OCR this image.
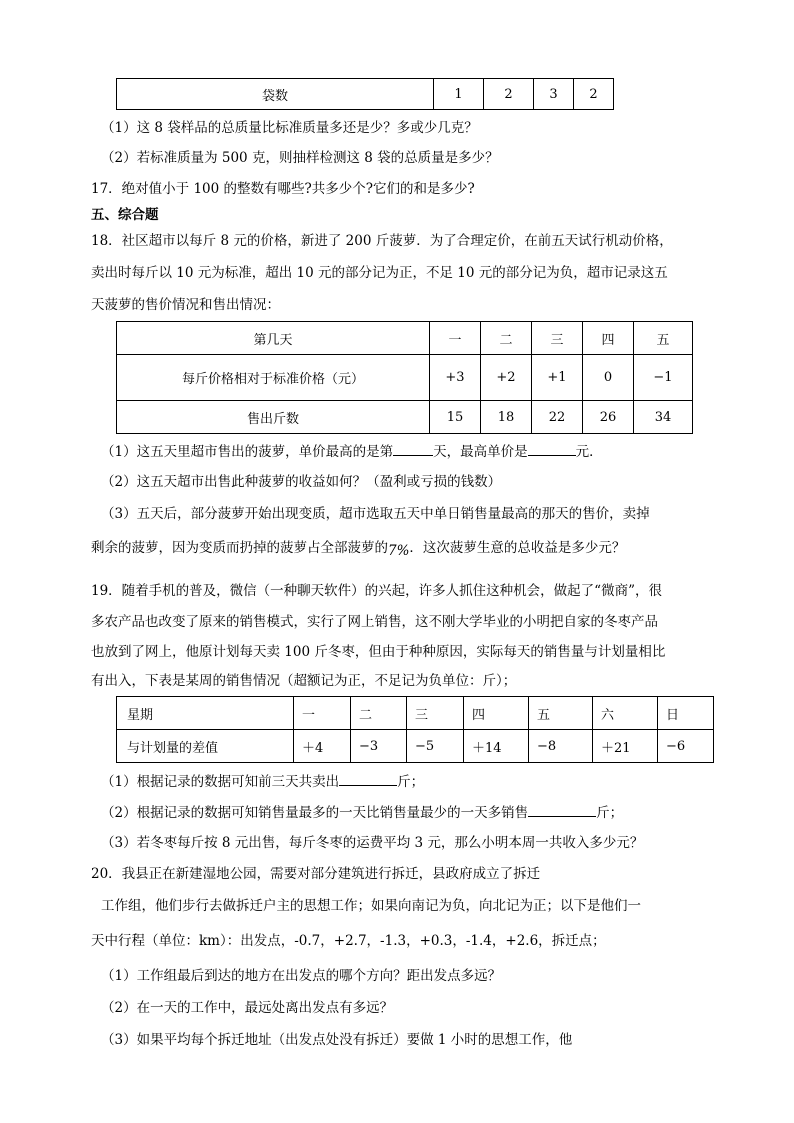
袋数	1	2	3	2
（1）这 8 袋样品的总质量比标准质量多还是少？多或少几克？
（2）若标准质量为 500 克，则抽样检测这 8 袋的总质量是多少？
17．绝对值小于 100 的整数有哪些?共多少个?它们的和是多少?
五、综合题
18．社区超市以每斤 8 元的价格，新进了 200 斤菠萝．为了合理定价，在前五天试行机动价格，
卖出时每斤以 10 元为标准，超出 10 元的部分记为正，不足 10 元的部分记为负，超市记录这五
天菠萝的售价情况和售出情况：
第几天	一	二	三	四	五
每斤价格相对于标准价格（元）	+3	+2	+1	0	−1
售出斤数	15	18	22	26	34
（1）这五天里超市售出的菠萝，单价最高的是第	天，最高单价是	元．
（2）这五天超市出售此种菠萝的收益如何？（盈利或亏损的钱数）
（3）五天后，部分菠萝开始出现变质，超市选取五天中单日销售量最高的那天的售价，卖掉
剩余的菠萝，因为变质而扔掉的菠萝占全部菠萝的7%．这次菠萝生意的总收益是多少元？
19．随着手机的普及，微信（一种聊天软件）的兴起，许多人抓住这种机会，做起了“微商”，很
多农产品也改变了原来的销售模式，实行了网上销售，这不刚大学毕业的小明把自家的冬枣产品
也放到了网上，他原计划每天卖 100 斤冬枣，但由于种种原因，实际每天的销售量与计划量相比
有出入，下表是某周的销售情况（超额记为正，不足记为负单位：斤）；
星期	一	二	三	四	五	六	日
与计划量的差值	＋4	−3	−5	＋14	−8	＋21	−6
（1）根据记录的数据可知前三天共卖出	斤；
（2）根据记录的数据可知销售量最多的一天比销售量最少的一天多销售	斤；
（3）若冬枣每斤按 8 元出售，每斤冬枣的运费平均 3 元，那么小明本周一共收入多少元？
20．我县正在新建湿地公园，需要对部分建筑进行拆迁，县政府成立了拆迁
工作组，他们步行去做拆迁户主的思想工作；如果向南记为负，向北记为正；以下是他们一
天中行程（单位：km）：出发点，-0.7，+2.7，-1.3，+0.3，-1.4，+2.6，拆迁点；
（1）工作组最后到达的地方在出发点的哪个方向？距出发点多远？
（2）在一天的工作中，最远处离出发点有多远？
（3）如果平均每个拆迁地址（出发点处没有拆迁）要做 1 小时的思想工作，他
